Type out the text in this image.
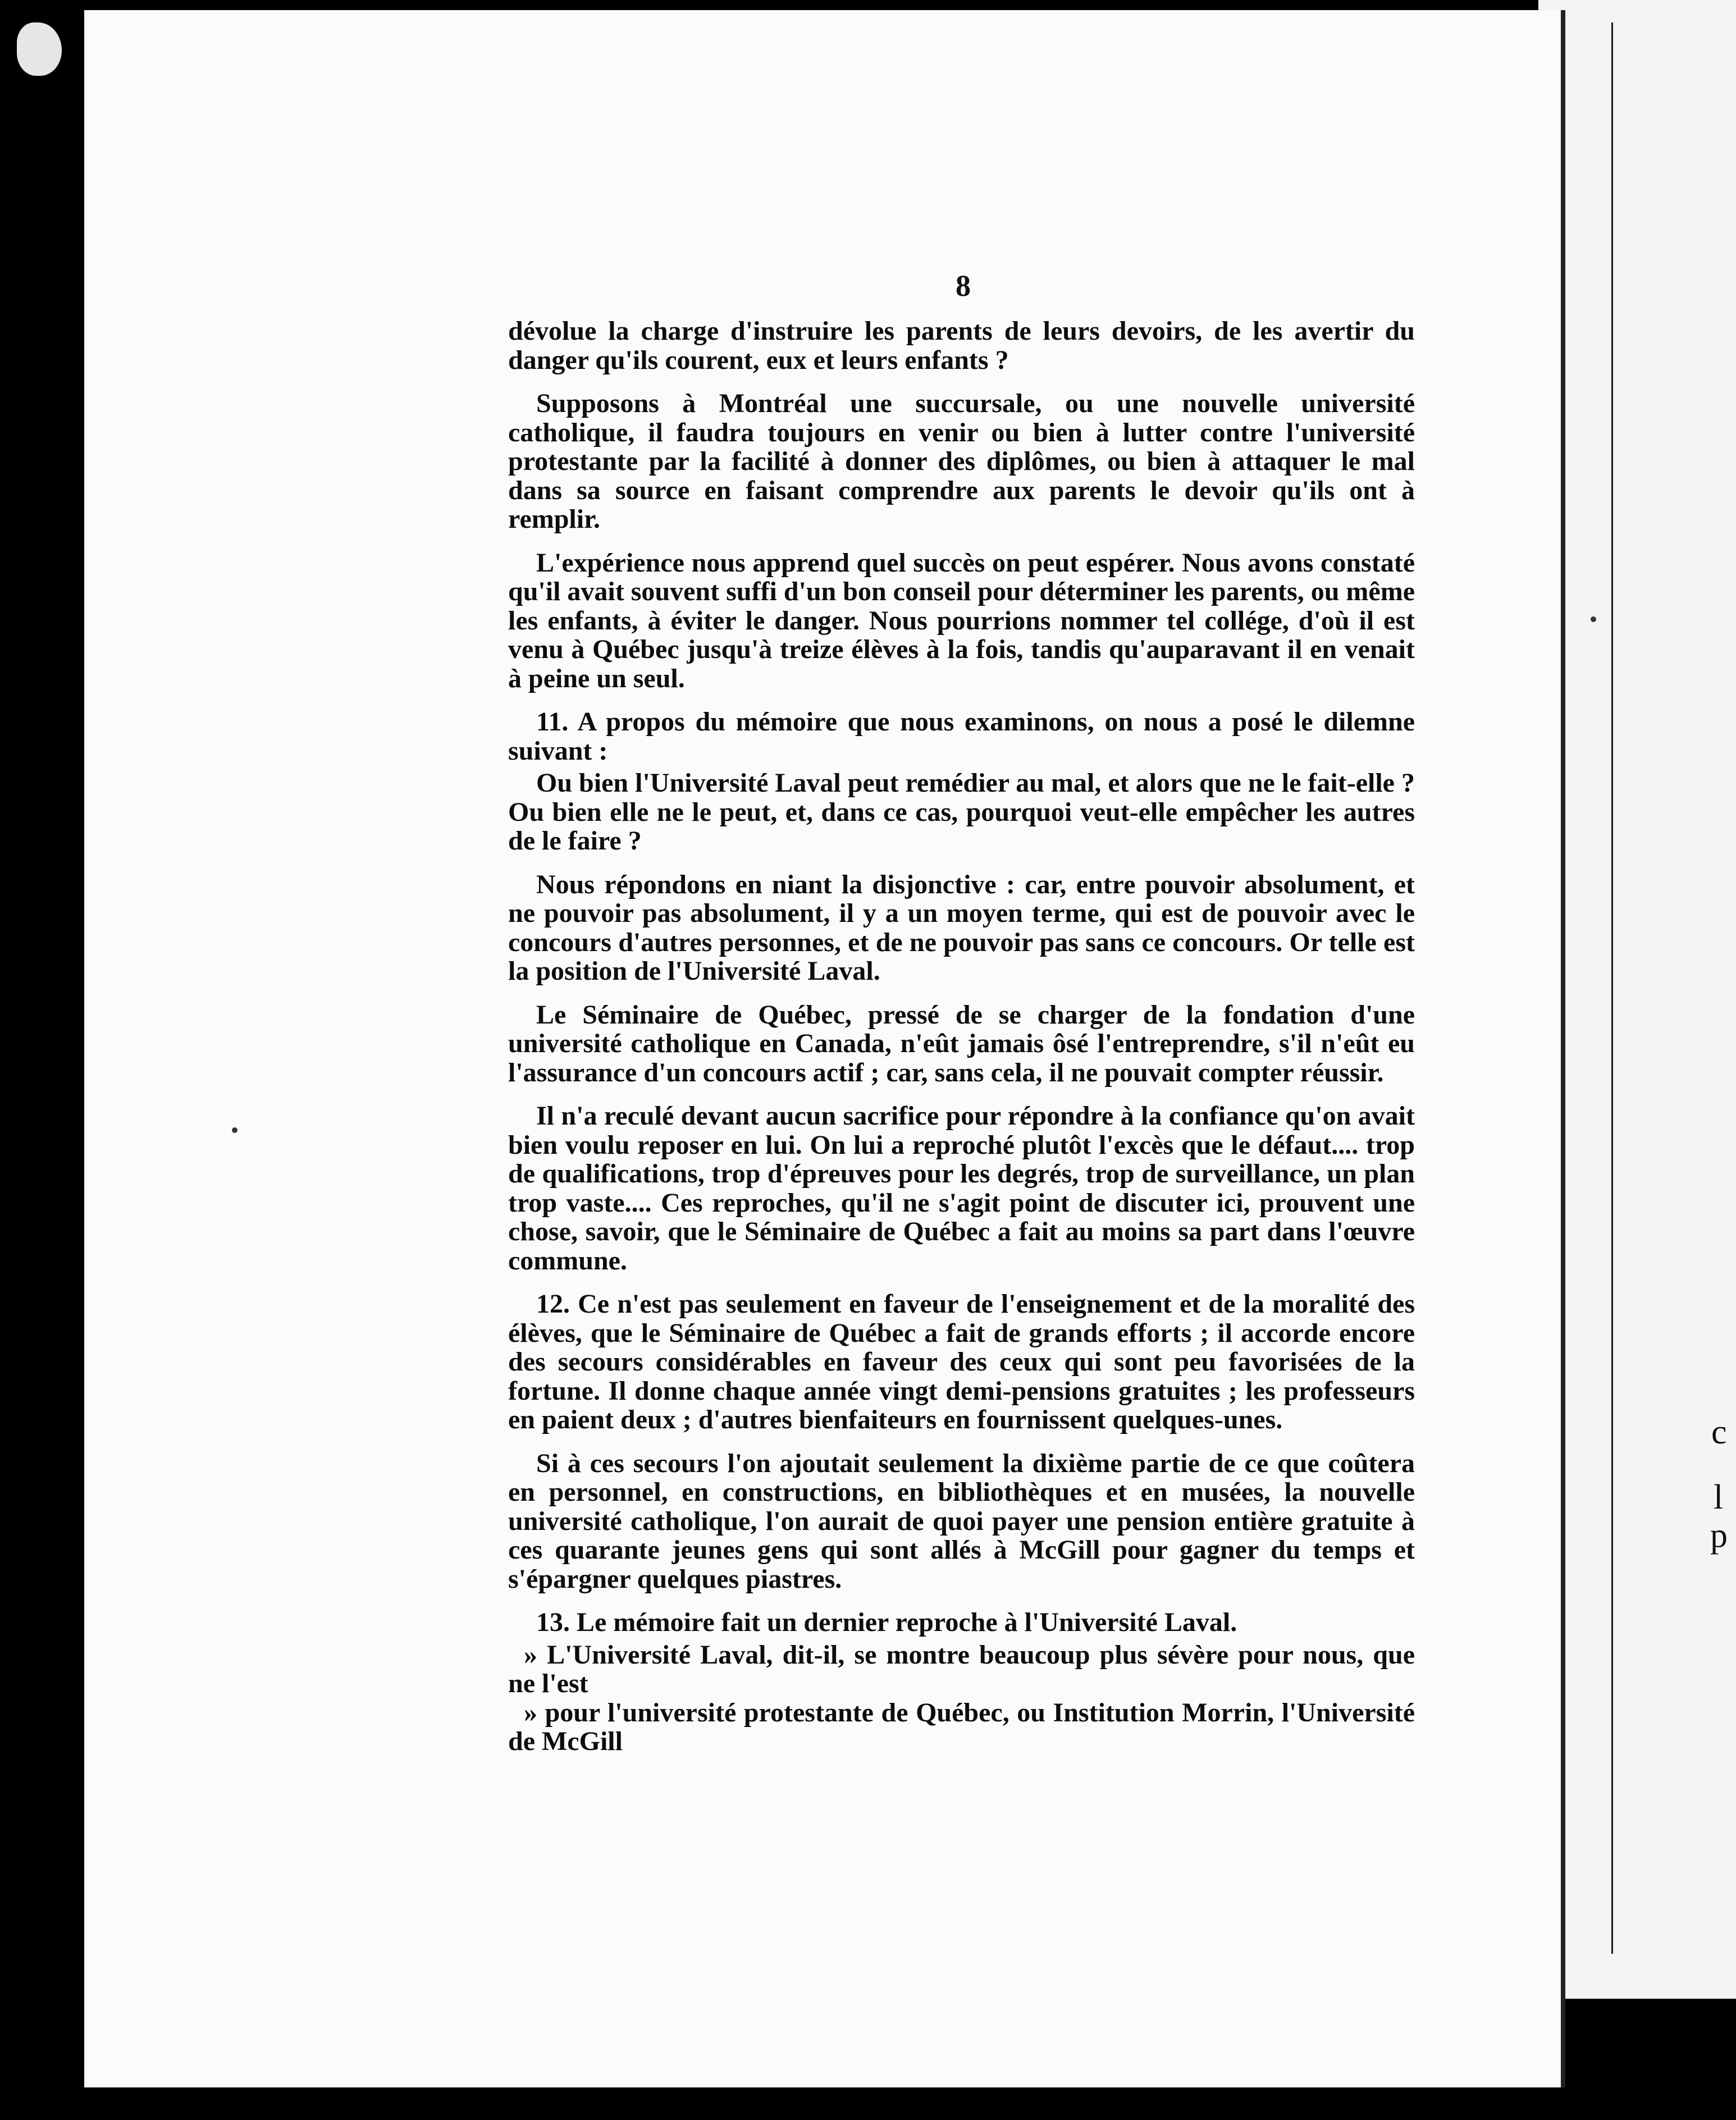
c
l
p
8

dévolue la charge d'instruire les parents de leurs devoirs, de les avertir du danger qu'ils courent, eux et leurs enfants ?

Supposons à Montréal une succursale, ou une nouvelle université catholique, il faudra toujours en venir ou bien à lutter contre l'université protestante par la facilité à donner des diplômes, ou bien à attaquer le mal dans sa source en faisant comprendre aux parents le devoir qu'ils ont à remplir.

L'expérience nous apprend quel succès on peut espérer. Nous avons constaté qu'il avait souvent suffi d'un bon conseil pour déterminer les parents, ou même les enfants, à éviter le danger. Nous pourrions nommer tel collége, d'où il est venu à Québec jusqu'à treize élèves à la fois, tandis qu'auparavant il en venait à peine un seul.

11. A propos du mémoire que nous examinons, on nous a posé le dilemne suivant :

Ou bien l'Université Laval peut remédier au mal, et alors que ne le fait-elle ? Ou bien elle ne le peut, et, dans ce cas, pourquoi veut-elle empêcher les autres de le faire ?

Nous répondons en niant la disjonctive : car, entre pouvoir absolument, et ne pouvoir pas absolument, il y a un moyen terme, qui est de pouvoir avec le concours d'autres personnes, et de ne pouvoir pas sans ce concours. Or telle est la position de l'Université Laval.

Le Séminaire de Québec, pressé de se charger de la fondation d'une université catholique en Canada, n'eût jamais ôsé l'entreprendre, s'il n'eût eu l'assurance d'un concours actif ; car, sans cela, il ne pouvait compter réussir.

Il n'a reculé devant aucun sacrifice pour répondre à la confiance qu'on avait bien voulu reposer en lui. On lui a reproché plutôt l'excès que le défaut.... trop de qualifications, trop d'épreuves pour les degrés, trop de surveillance, un plan trop vaste.... Ces reproches, qu'il ne s'agit point de discuter ici, prouvent une chose, savoir, que le Séminaire de Québec a fait au moins sa part dans l'œuvre commune.

12. Ce n'est pas seulement en faveur de l'enseignement et de la moralité des élèves, que le Séminaire de Québec a fait de grands efforts ; il accorde encore des secours considérables en faveur des ceux qui sont peu favorisées de la fortune. Il donne chaque année vingt demi-pensions gratuites ; les professeurs en paient deux ; d'autres bienfaiteurs en fournissent quelques-unes.

Si à ces secours l'on ajoutait seulement la dixième partie de ce que coûtera en personnel, en constructions, en bibliothèques et en musées, la nouvelle université catholique, l'on aurait de quoi payer une pension entière gratuite à ces quarante jeunes gens qui sont allés à McGill pour gagner du temps et s'épargner quelques piastres.

13. Le mémoire fait un dernier reproche à l'Université Laval.

» L'Université Laval, dit-il, se montre beaucoup plus sévère pour nous, que ne l'est

» pour l'université protestante de Québec, ou Institution Morrin, l'Université de McGill
